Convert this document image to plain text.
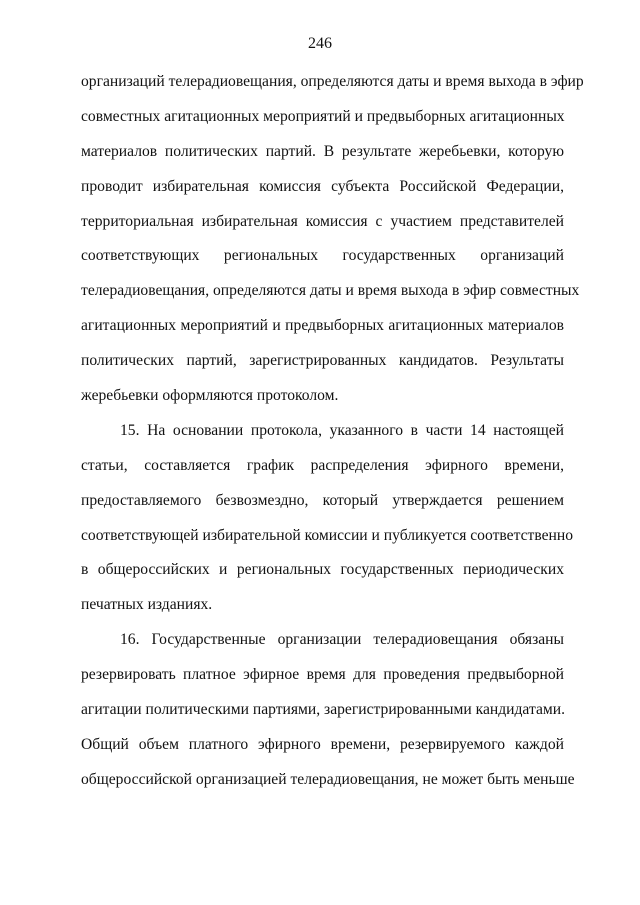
246
организаций телерадиовещания, определяются даты и время выхода в эфир
совместных агитационных мероприятий и предвыборных агитационных
материалов политических партий. В результате жеребьевки, которую
проводит избирательная комиссия субъекта Российской Федерации,
территориальная избирательная комиссия с участием представителей
соответствующих региональных государственных организаций
телерадиовещания, определяются даты и время выхода в эфир совместных
агитационных мероприятий и предвыборных агитационных материалов
политических партий, зарегистрированных кандидатов. Результаты
жеребьевки оформляются протоколом.
15. На основании протокола, указанного в части 14 настоящей
статьи, составляется график распределения эфирного времени,
предоставляемого безвозмездно, который утверждается решением
соответствующей избирательной комиссии и публикуется соответственно
в общероссийских и региональных государственных периодических
печатных изданиях.
16. Государственные организации телерадиовещания обязаны
резервировать платное эфирное время для проведения предвыборной
агитации политическими партиями, зарегистрированными кандидатами.
Общий объем платного эфирного времени, резервируемого каждой
общероссийской организацией телерадиовещания, не может быть меньше
